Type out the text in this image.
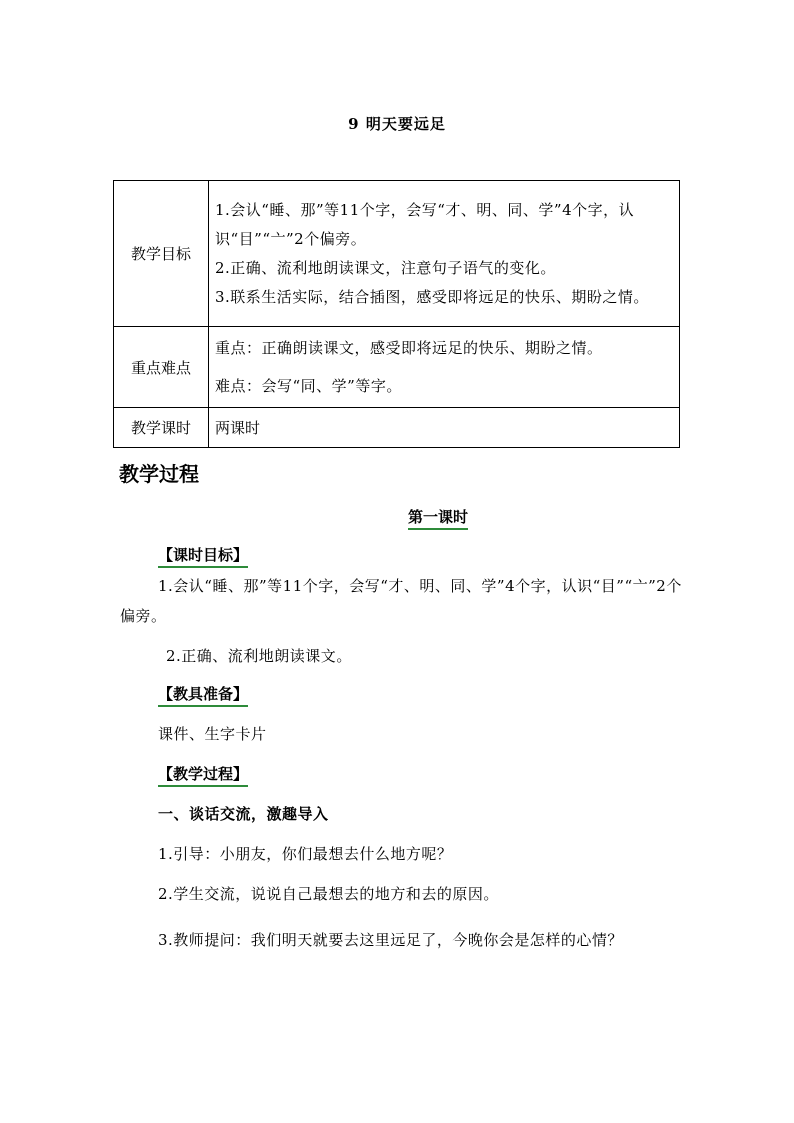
9 明天要远足
教学目标	1.会认“睡、那”等11个字，会写“才、明、同、学”4个字，认识“目”“亠”2个偏旁。

2.正确、流利地朗读课文，注意句子语气的变化。

3.联系生活实际，结合插图，感受即将远足的快乐、期盼之情。

重点难点	重点：正确朗读课文，感受即将远足的快乐、期盼之情。

难点：会写“同、学”等字。

教学课时	两课时
教学过程
第一课时
【课时目标】
1.会认“睡、那”等11个字，会写“才、明、同、学”4个字，认识“目”“亠”2个偏旁。
2.正确、流利地朗读课文。
【教具准备】
课件、生字卡片
【教学过程】
一、谈话交流，激趣导入
1.引导：小朋友，你们最想去什么地方呢？
2.学生交流，说说自己最想去的地方和去的原因。
3.教师提问：我们明天就要去这里远足了，今晚你会是怎样的心情？
